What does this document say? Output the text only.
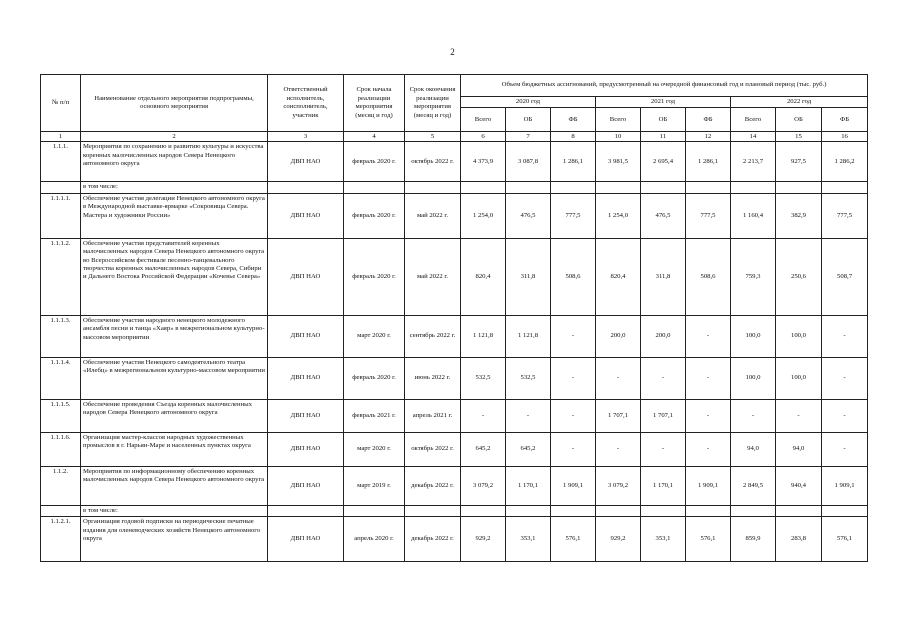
2
№ п/п	Наименование отдельного мероприятия подпрограммы, основного мероприятия	Ответственный исполнитель, соисполнитель, участник	Срок начала реализации мероприятия (месяц и год)	Срок окончания реализации мероприятия (месяц и год)	Объем бюджетных ассигнований, предусмотренный на очередной финансовый год и плановый период (тыс. руб.)								
					2020 год			2021 год			2022 год		
					Всего	ОБ	ФБ	Всего	ОБ	ФБ	Всего	ОБ	ФБ
1	2	3	4	5	6	7	8	10	11	12	14	15	16
1.1.1.	Мероприятия по сохранению и развитию культуры и искусства коренных малочисленных народов Севера Ненецкого автономного округа	ДВП НАО	февраль 2020 г.	октябрь 2022 г.	4 373,9	3 087,8	1 286,1	3 981,5	2 695,4	1 286,1	2 213,7	927,5	1 286,2
	в том числе:												
1.1.1.1.	Обеспечение участия делегации Ненецкого автономного округа в Международной выставке-ярмарке «Сокровища Севера. Мастера и художники России»	ДВП НАО	февраль 2020 г.	май 2022 г.	1 254,0	476,5	777,5	1 254,0	476,5	777,5	1 160,4	382,9	777,5
1.1.1.2.	Обеспечение участия представителей коренных малочисленных народов Севера Ненецкого автономного округа во Всероссийском фестивале песенно-танцевального творчества коренных малочисленных народов Севера, Сибири и Дальнего Востока Российской Федерации «Кочевье Севера»	ДВП НАО	февраль 2020 г.	май 2022 г.	820,4	311,8	508,6	820,4	311,8	508,6	759,3	250,6	508,7
1.1.1.3.	Обеспечение участия народного ненецкого молодежного ансамбля песни и танца «Хаяр» в межрегиональном культурно-массовом мероприятии	ДВП НАО	март 2020 г.	сентябрь 2022 г.	1 121,8	1 121,8	-	200,0	200,0	-	100,0	100,0	-
1.1.1.4.	Обеспечение участия Ненецкого самодеятельного театра «Илебц» в межрегиональном культурно-массовом мероприятии	ДВП НАО	февраль 2020 г.	июнь 2022 г.	532,5	532,5	-	-	-	-	100,0	100,0	-
1.1.1.5.	Обеспечение проведения Съезда коренных малочисленных народов Севера Ненецкого автономного округа	ДВП НАО	февраль 2021 г.	апрель 2021 г.	-	-	-	1 707,1	1 707,1	-	-	-	-
1.1.1.6.	Организация мастер-классов народных художественных промыслов в г. Нарьян-Маре и населенных пунктах округа	ДВП НАО	март 2020 г.	октябрь 2022 г.	645,2	645,2	-	-	-	-	94,0	94,0	-
1.1.2.	Мероприятия по информационному обеспечению коренных малочисленных народов Севера Ненецкого автономного округа	ДВП НАО	март 2019 г.	декабрь 2022 г.	3 079,2	1 170,1	1 909,1	3 079,2	1 170,1	1 909,1	2 849,5	940,4	1 909,1
	в том числе:												
1.1.2.1.	Организация годовой подписки на периодические печатные издания для оленеводческих хозяйств Ненецкого автономного округа	ДВП НАО	апрель 2020 г.	декабрь 2022 г.	929,2	353,1	576,1	929,2	353,1	576,1	859,9	283,8	576,1
